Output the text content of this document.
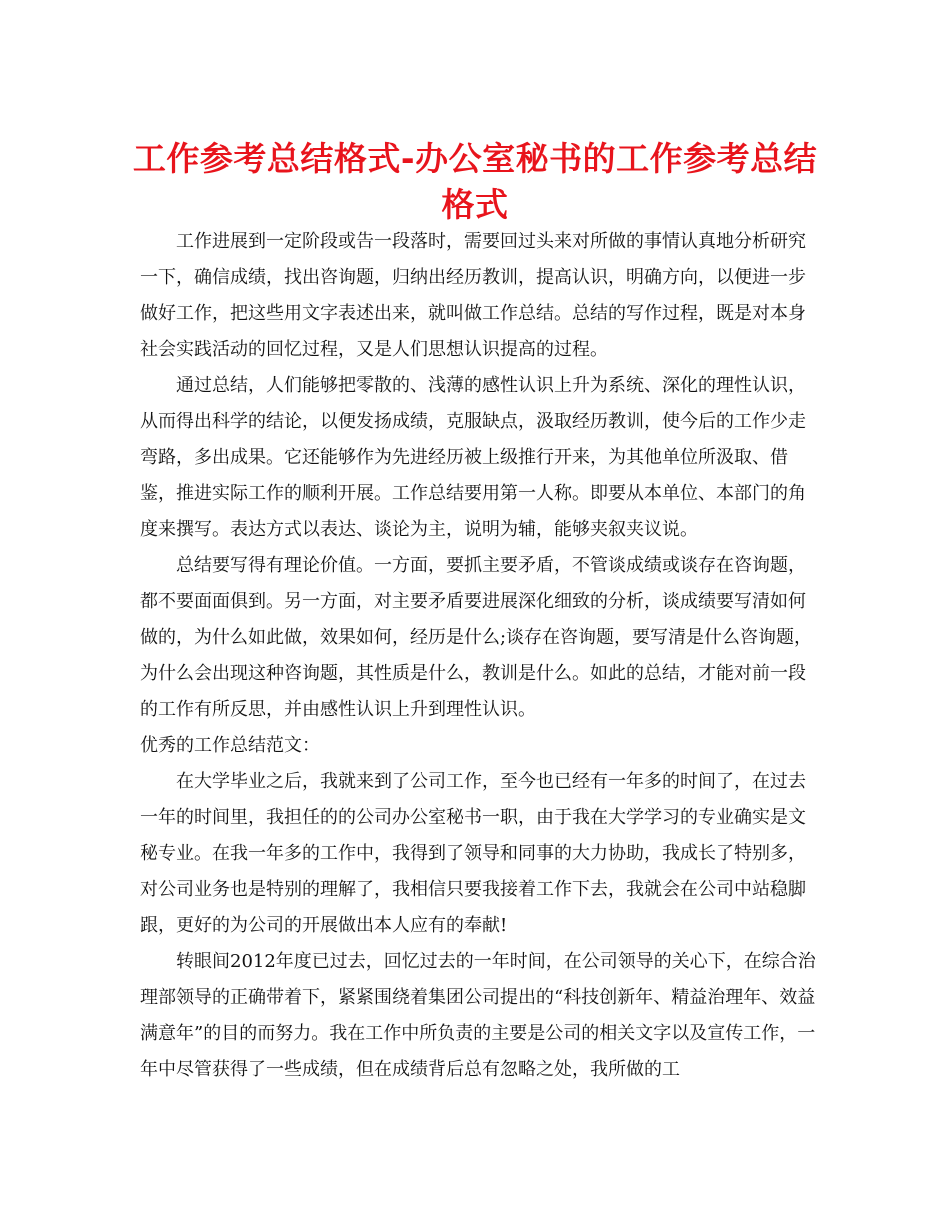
工作参考总结格式-办公室秘书的工作参考总结格式

工作进展到一定阶段或告一段落时，需要回过头来对所做的事情认真地分析研究一下，确信成绩，找出咨询题，归纳出经历教训，提高认识，明确方向，以便进一步做好工作，把这些用文字表述出来，就叫做工作总结。总结的写作过程，既是对本身社会实践活动的回忆过程，又是人们思想认识提高的过程。

通过总结，人们能够把零散的、浅薄的感性认识上升为系统、深化的理性认识，从而得出科学的结论，以便发扬成绩，克服缺点，汲取经历教训，使今后的工作少走弯路，多出成果。它还能够作为先进经历被上级推行开来，为其他单位所汲取、借鉴，推进实际工作的顺利开展。工作总结要用第一人称。即要从本单位、本部门的角度来撰写。表达方式以表达、谈论为主，说明为辅，能够夹叙夹议说。

总结要写得有理论价值。一方面，要抓主要矛盾，不管谈成绩或谈存在咨询题，都不要面面俱到。另一方面，对主要矛盾要进展深化细致的分析，谈成绩要写清如何做的，为什么如此做，效果如何，经历是什么;谈存在咨询题，要写清是什么咨询题，为什么会出现这种咨询题，其性质是什么，教训是什么。如此的总结，才能对前一段的工作有所反思，并由感性认识上升到理性认识。

优秀的工作总结范文：

在大学毕业之后，我就来到了公司工作，至今也已经有一年多的时间了，在过去一年的时间里，我担任的的公司办公室秘书一职，由于我在大学学习的专业确实是文秘专业。在我一年多的工作中，我得到了领导和同事的大力协助，我成长了特别多，对公司业务也是特别的理解了，我相信只要我接着工作下去，我就会在公司中站稳脚跟，更好的为公司的开展做出本人应有的奉献!

转眼间2012年度已过去，回忆过去的一年时间，在公司领导的关心下，在综合治理部领导的正确带着下，紧紧围绕着集团公司提出的“科技创新年、精益治理年、效益满意年”的目的而努力。我在工作中所负责的主要是公司的相关文字以及宣传工作，一年中尽管获得了一些成绩，但在成绩背后总有忽略之处，我所做的工
